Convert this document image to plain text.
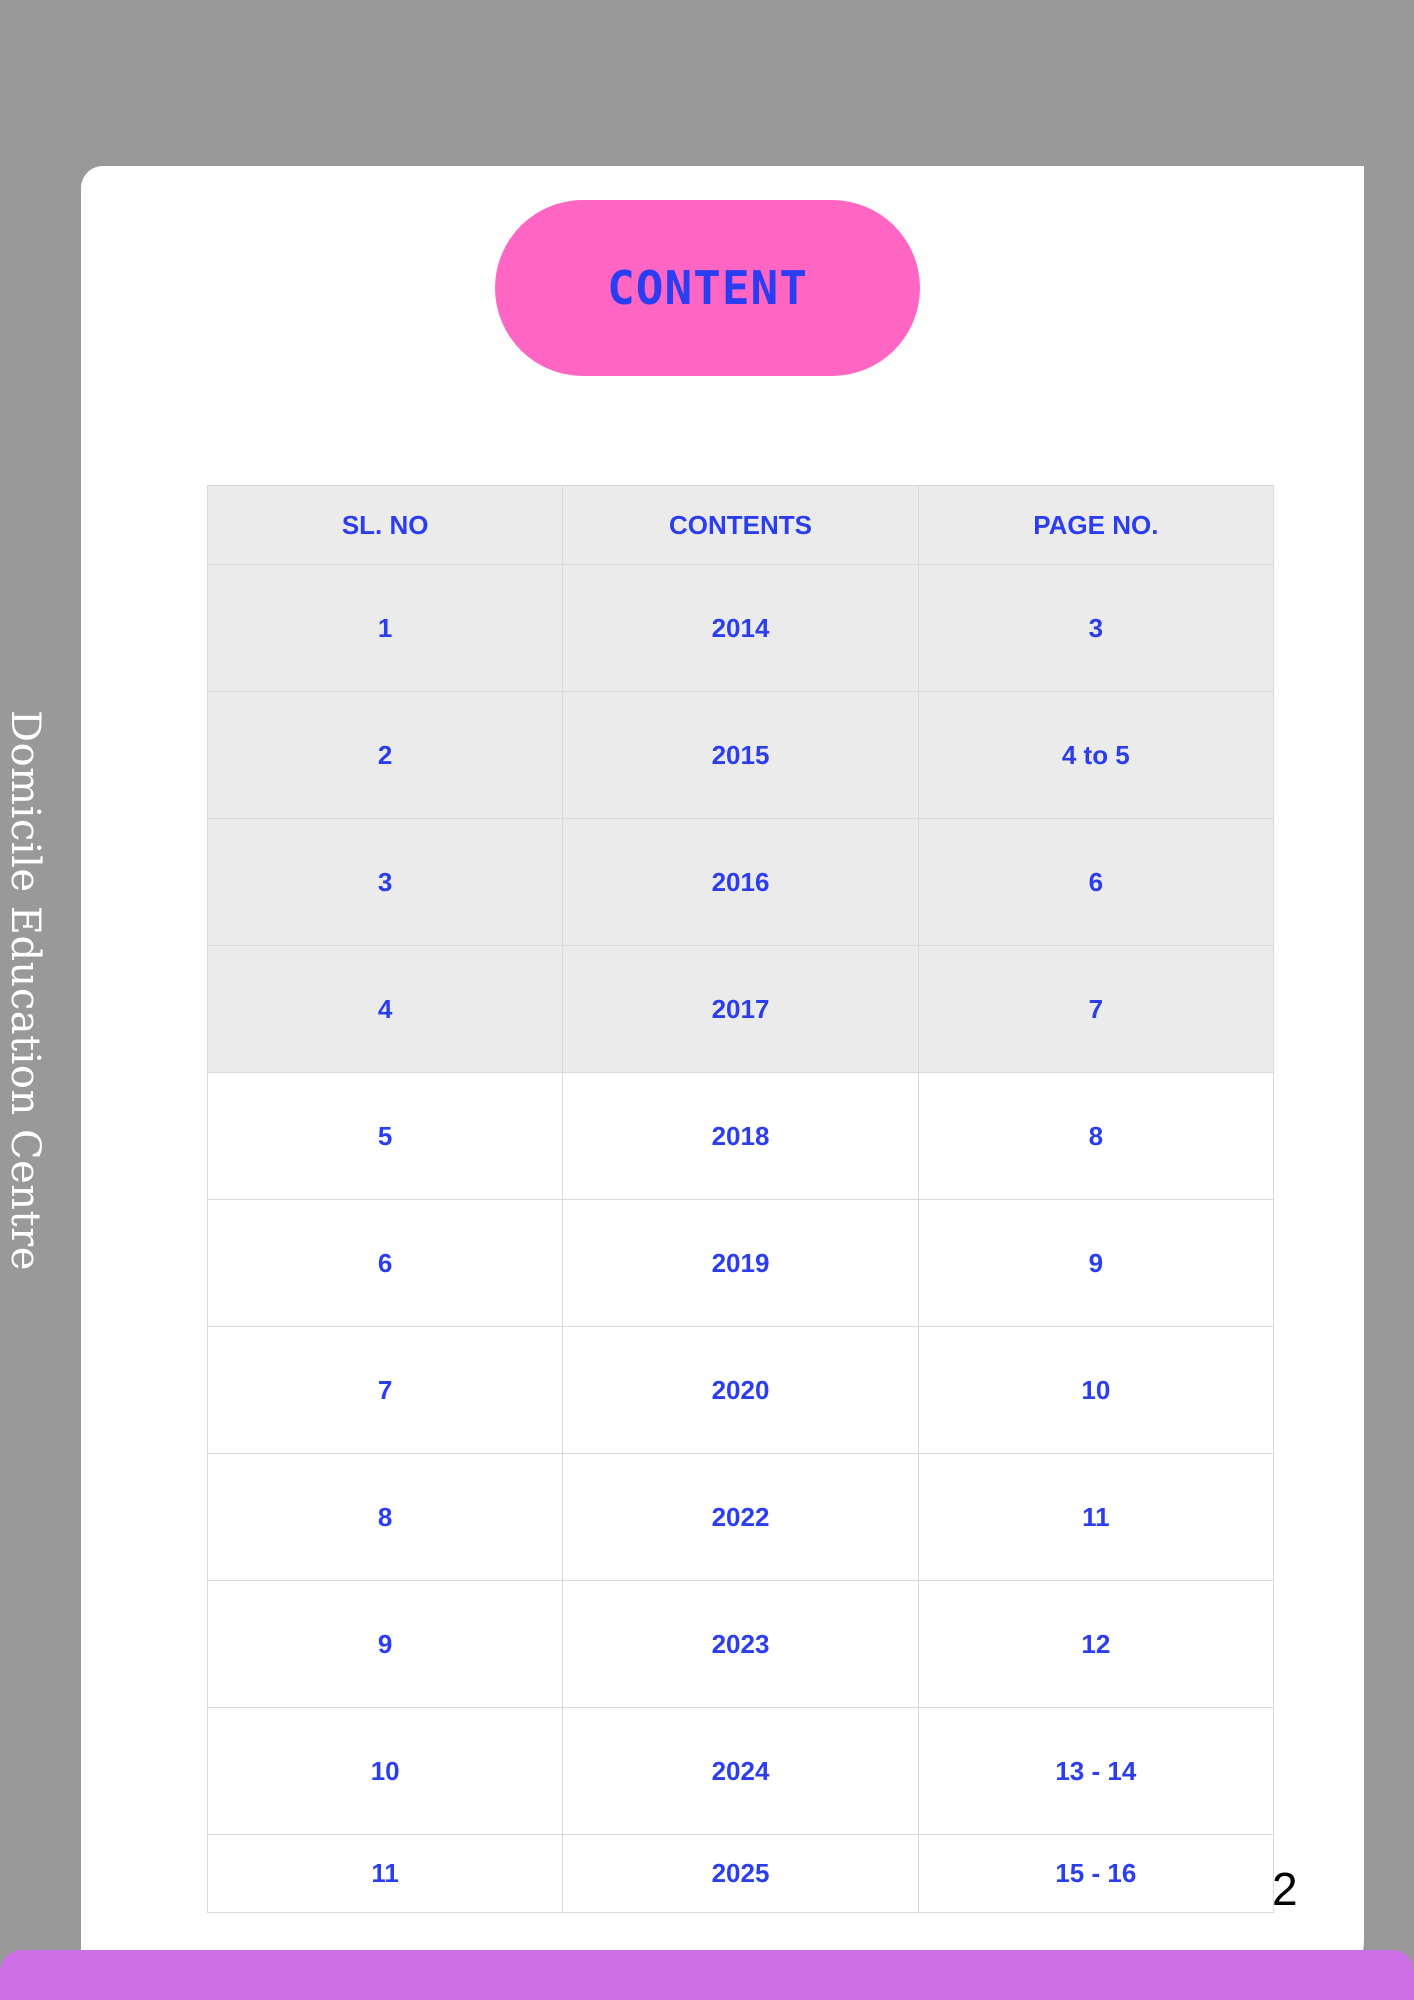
Domicile Education Centre
CONTENT
SL. NO	CONTENTS	PAGE NO.
1	2014	3
2	2015	4 to 5
3	2016	6
4	2017	7
5	2018	8
6	2019	9
7	2020	10
8	2022	11
9	2023	12
10	2024	13 - 14
11	2025	15 - 16	2
